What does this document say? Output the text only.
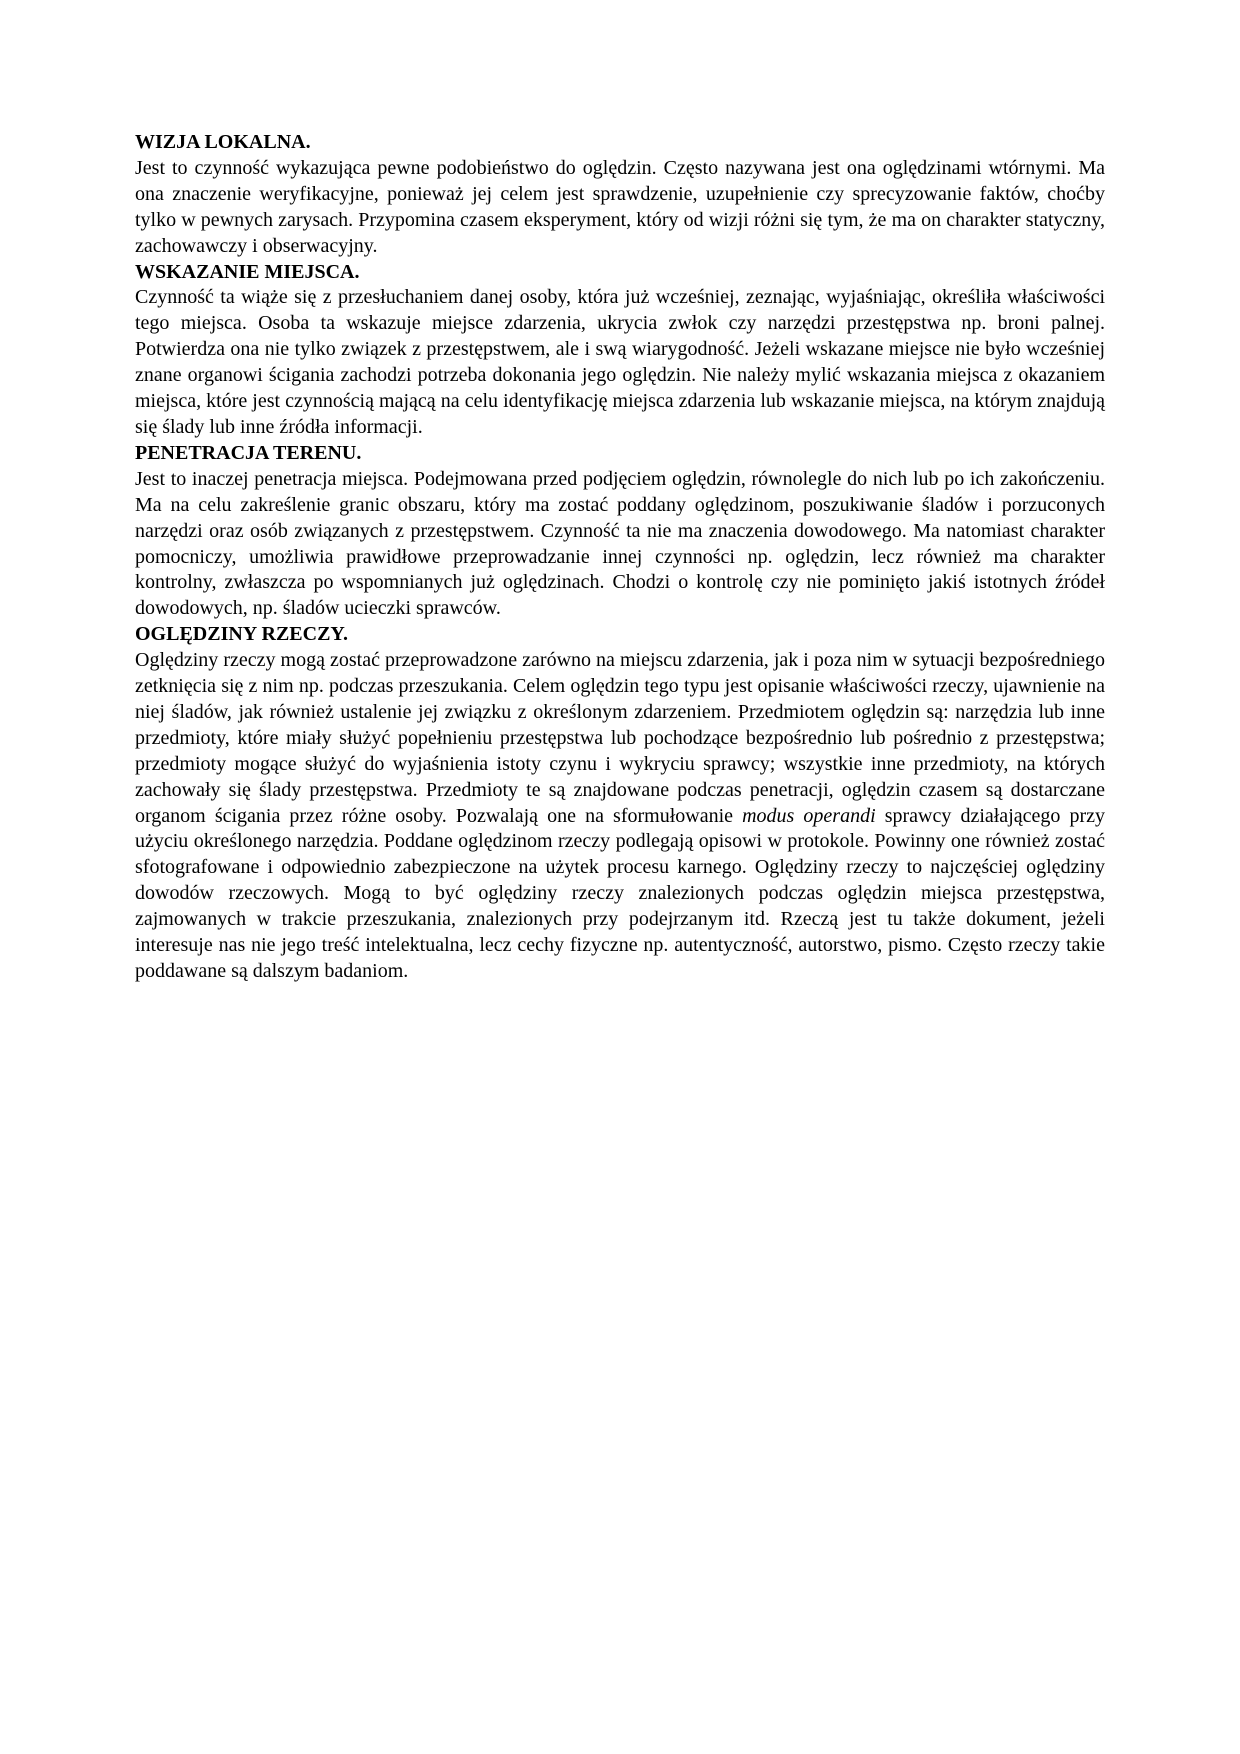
WIZJA LOKALNA.

Jest to czynność wykazująca pewne podobieństwo do oględzin. Często nazywana jest ona oględzinami wtórnymi. Ma ona znaczenie weryfikacyjne, ponieważ jej celem jest sprawdzenie, uzupełnienie czy sprecyzowanie faktów, choćby tylko w pewnych zarysach. Przypomina czasem eksperyment, który od wizji różni się tym, że ma on charakter statyczny, zachowawczy i obserwacyjny.

WSKAZANIE MIEJSCA.

Czynność ta wiąże się z przesłuchaniem danej osoby, która już wcześniej, zeznając, wyjaśniając, określiła właściwości tego miejsca. Osoba ta wskazuje miejsce zdarzenia, ukrycia zwłok czy narzędzi przestępstwa np. broni palnej. Potwierdza ona nie tylko związek z przestępstwem, ale i swą wiarygodność. Jeżeli wskazane miejsce nie było wcześniej znane organowi ścigania zachodzi potrzeba dokonania jego oględzin. Nie należy mylić wskazania miejsca z okazaniem miejsca, które jest czynnością mającą na celu identyfikację miejsca zdarzenia lub wskazanie miejsca, na którym znajdują się ślady lub inne źródła informacji.

PENETRACJA TERENU.

Jest to inaczej penetracja miejsca. Podejmowana przed podjęciem oględzin, równolegle do nich lub po ich zakończeniu. Ma na celu zakreślenie granic obszaru, który ma zostać poddany oględzinom, poszukiwanie śladów i porzuconych narzędzi oraz osób związanych z przestępstwem. Czynność ta nie ma znaczenia dowodowego. Ma natomiast charakter pomocniczy, umożliwia prawidłowe przeprowadzanie innej czynności np. oględzin, lecz również ma charakter kontrolny, zwłaszcza po wspomnianych już oględzinach. Chodzi o kontrolę czy nie pominięto jakiś istotnych źródeł dowodowych, np. śladów ucieczki sprawców.

OGLĘDZINY RZECZY.

Oględziny rzeczy mogą zostać przeprowadzone zarówno na miejscu zdarzenia, jak i poza nim w sytuacji bezpośredniego zetknięcia się z nim np. podczas przeszukania. Celem oględzin tego typu jest opisanie właściwości rzeczy, ujawnienie na niej śladów, jak również ustalenie jej związku z określonym zdarzeniem. Przedmiotem oględzin są: narzędzia lub inne przedmioty, które miały służyć popełnieniu przestępstwa lub pochodzące bezpośrednio lub pośrednio z przestępstwa; przedmioty mogące służyć do wyjaśnienia istoty czynu i wykryciu sprawcy; wszystkie inne przedmioty, na których zachowały się ślady przestępstwa. Przedmioty te są znajdowane podczas penetracji, oględzin czasem są dostarczane organom ścigania przez różne osoby. Pozwalają one na sformułowanie modus operandi sprawcy działającego przy użyciu określonego narzędzia. Poddane oględzinom rzeczy podlegają opisowi w protokole. Powinny one również zostać sfotografowane i odpowiednio zabezpieczone na użytek procesu karnego. Oględziny rzeczy to najczęściej oględziny dowodów rzeczowych. Mogą to być oględziny rzeczy znalezionych podczas oględzin miejsca przestępstwa, zajmowanych w trakcie przeszukania, znalezionych przy podejrzanym itd. Rzeczą jest tu także dokument, jeżeli interesuje nas nie jego treść intelektualna, lecz cechy fizyczne np. autentyczność, autorstwo, pismo. Często rzeczy takie poddawane są dalszym badaniom.
